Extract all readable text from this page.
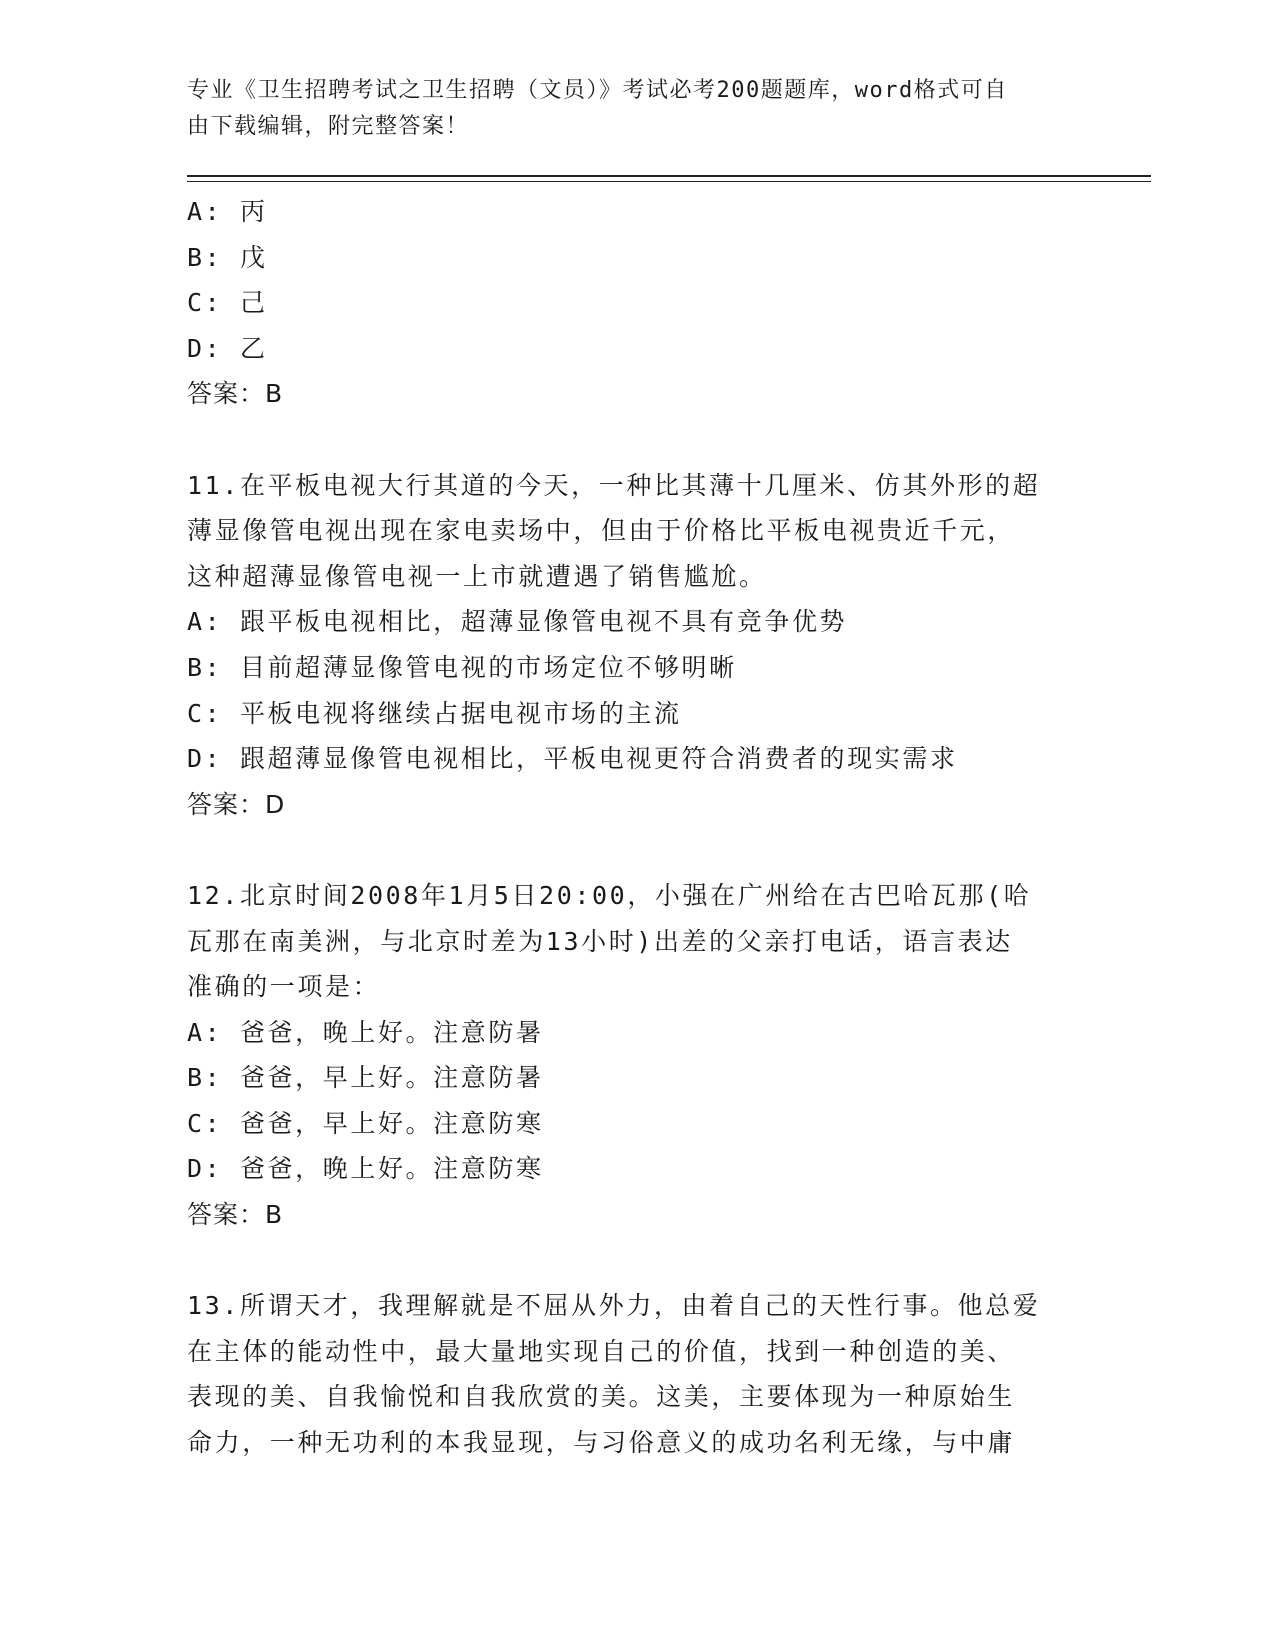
专业《卫生招聘考试之卫生招聘（文员）》考试必考200题题库，word格式可自
由下载编辑，附完整答案！
A: 丙
B: 戊
C: 己
D: 乙
答案：B
11.在平板电视大行其道的今天，一种比其薄十几厘米、仿其外形的超
薄显像管电视出现在家电卖场中，但由于价格比平板电视贵近千元，
这种超薄显像管电视一上市就遭遇了销售尴尬。
A: 跟平板电视相比，超薄显像管电视不具有竞争优势
B: 目前超薄显像管电视的市场定位不够明晰
C: 平板电视将继续占据电视市场的主流
D: 跟超薄显像管电视相比，平板电视更符合消费者的现实需求
答案：D
12.北京时间2008年1月5日20:00，小强在广州给在古巴哈瓦那(哈
瓦那在南美洲，与北京时差为13小时)出差的父亲打电话，语言表达
准确的一项是：
A: 爸爸，晚上好。注意防暑
B: 爸爸，早上好。注意防暑
C: 爸爸，早上好。注意防寒
D: 爸爸，晚上好。注意防寒
答案：B
13.所谓天才，我理解就是不屈从外力，由着自己的天性行事。他总爱
在主体的能动性中，最大量地实现自己的价值，找到一种创造的美、
表现的美、自我愉悦和自我欣赏的美。这美，主要体现为一种原始生
命力，一种无功利的本我显现，与习俗意义的成功名利无缘，与中庸
